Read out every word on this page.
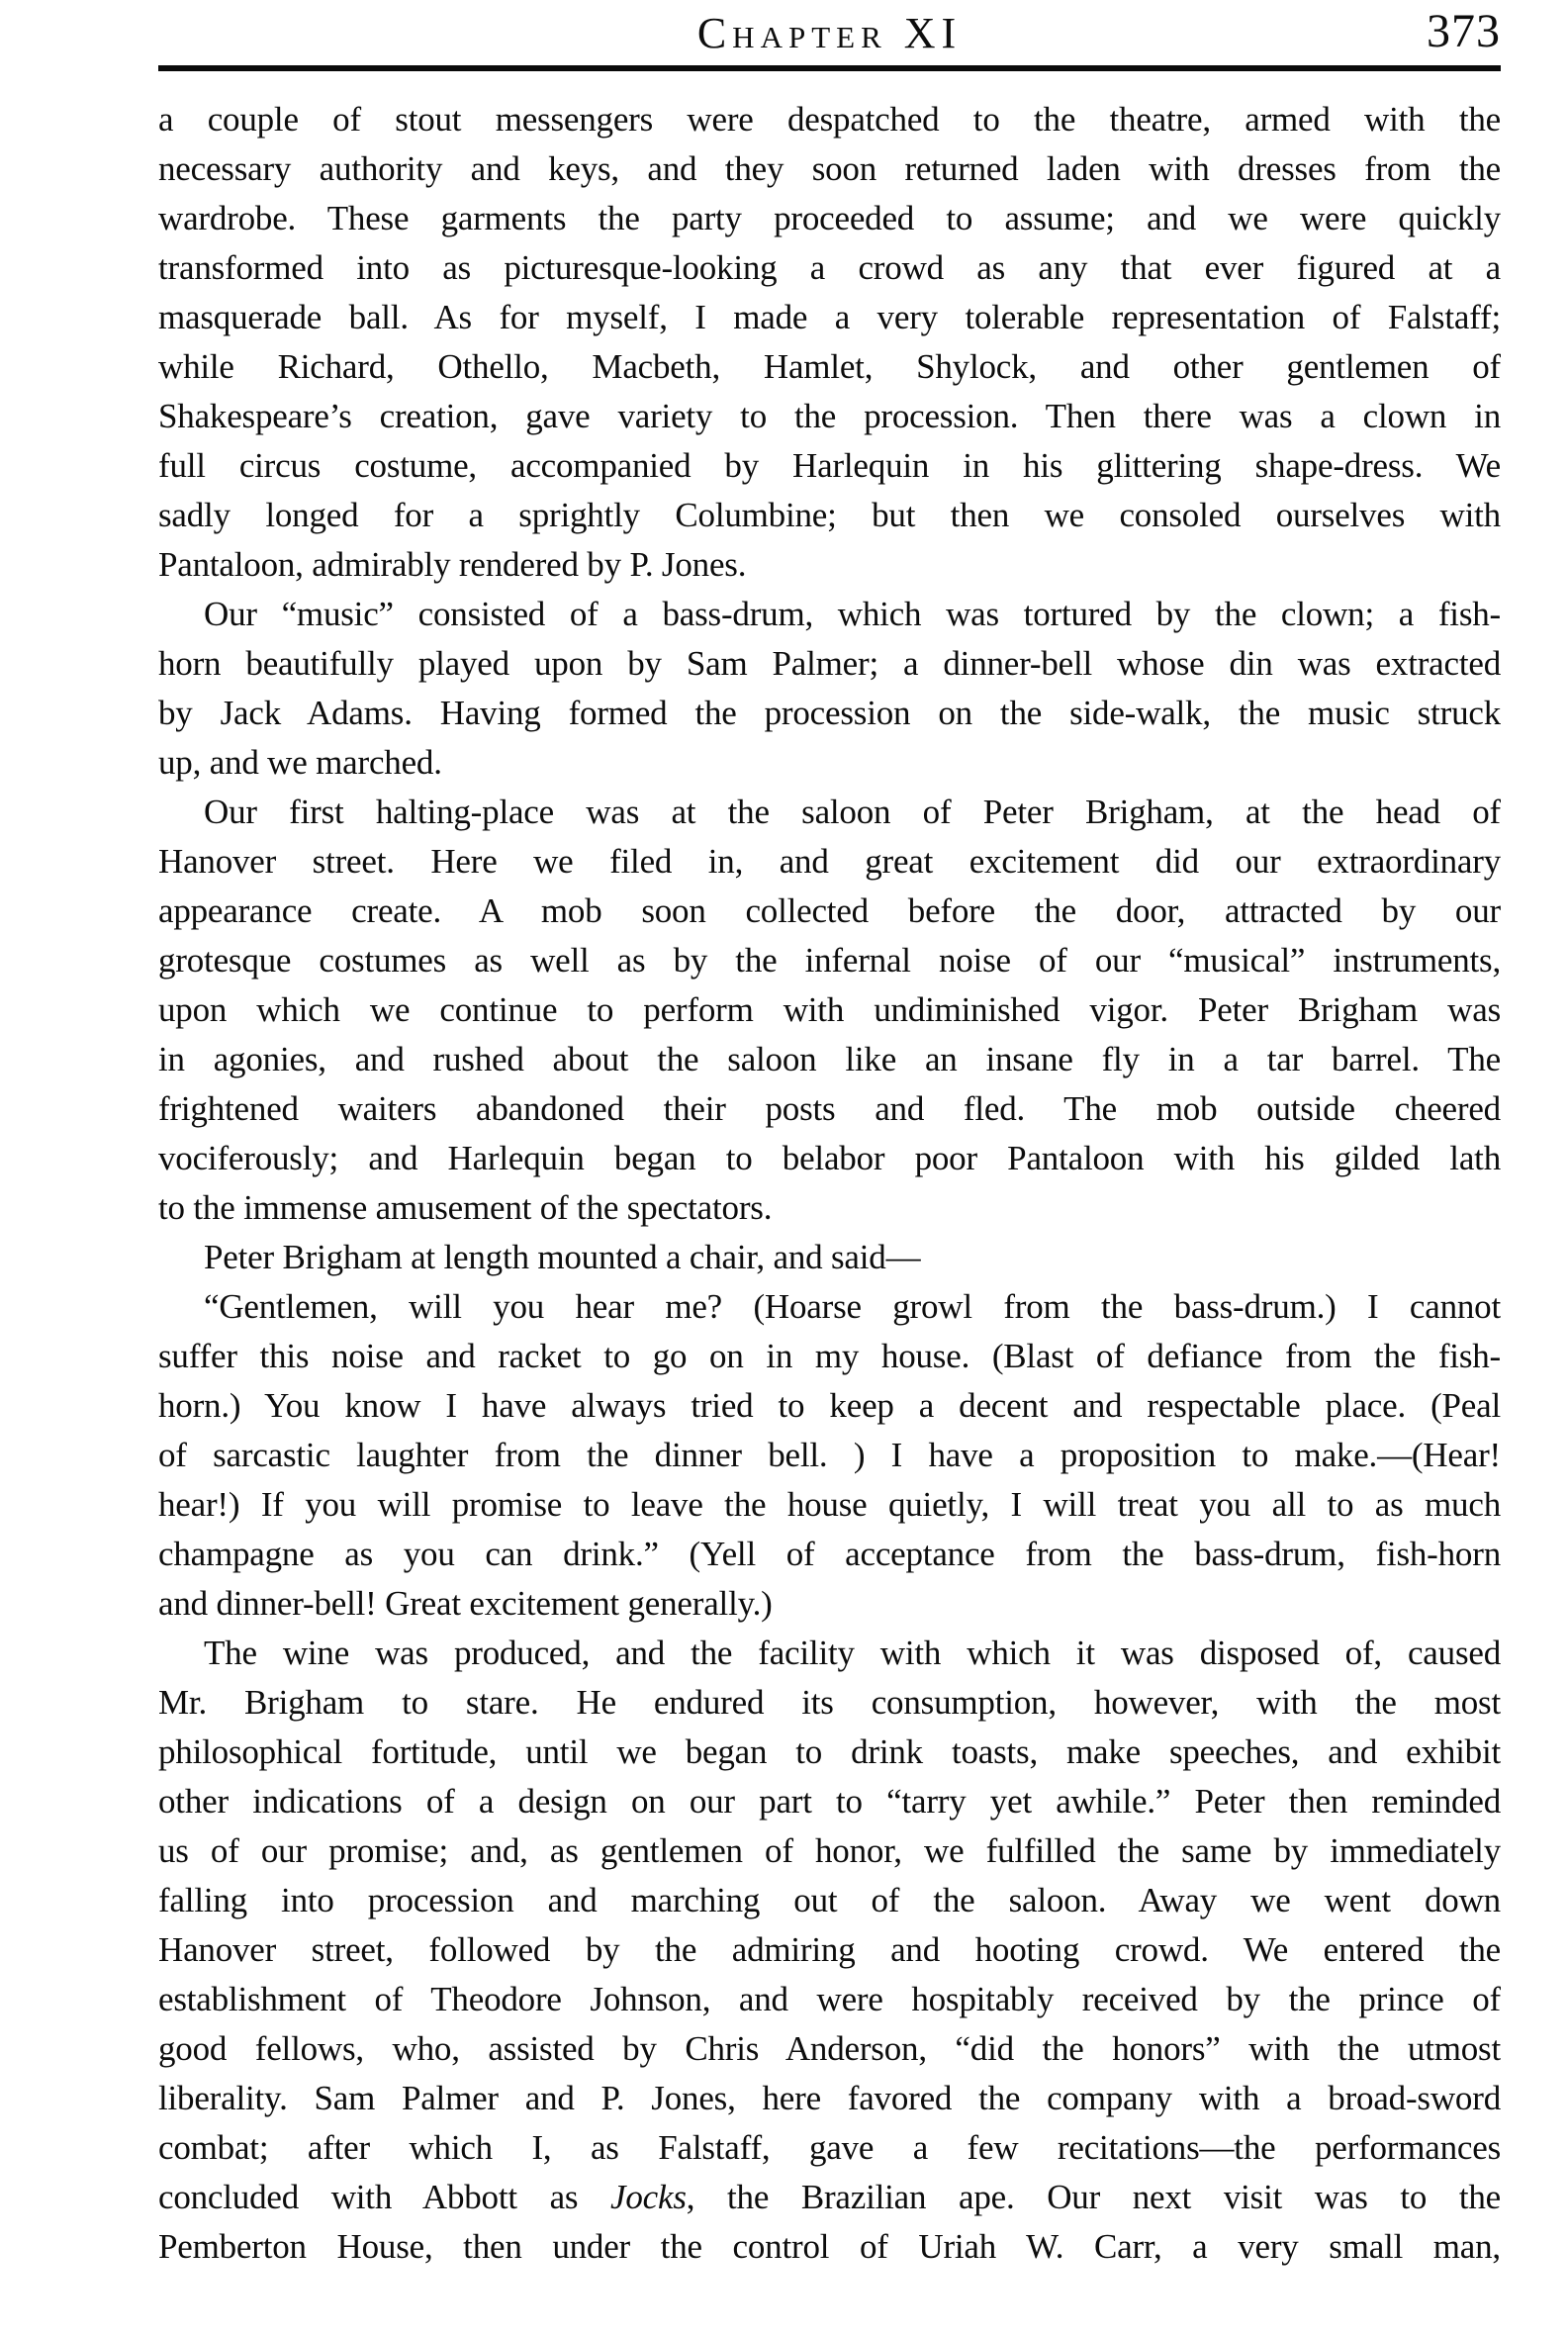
Chapter XI	373
a couple of stout messengers were despatched to the theatre, armed with the
necessary authority and keys, and they soon returned laden with dresses from the
wardrobe. These garments the party proceeded to assume; and we were quickly
transformed into as picturesque-looking a crowd as any that ever figured at a
masquerade ball. As for myself, I made a very tolerable representation of Falstaff;
while Richard, Othello, Macbeth, Hamlet, Shylock, and other gentlemen of
Shakespeare’s creation, gave variety to the procession. Then there was a clown in
full circus costume, accompanied by Harlequin in his glittering shape-dress. We
sadly longed for a sprightly Columbine; but then we consoled ourselves with
Pantaloon, admirably rendered by P. Jones.
Our “music” consisted of a bass-drum, which was tortured by the clown; a fish-
horn beautifully played upon by Sam Palmer; a dinner-bell whose din was extracted
by Jack Adams. Having formed the procession on the side-walk, the music struck
up, and we marched.
Our first halting-place was at the saloon of Peter Brigham, at the head of
Hanover street. Here we filed in, and great excitement did our extraordinary
appearance create. A mob soon collected before the door, attracted by our
grotesque costumes as well as by the infernal noise of our “musical” instruments,
upon which we continue to perform with undiminished vigor. Peter Brigham was
in agonies, and rushed about the saloon like an insane fly in a tar barrel. The
frightened waiters abandoned their posts and fled. The mob outside cheered
vociferously; and Harlequin began to belabor poor Pantaloon with his gilded lath
to the immense amusement of the spectators.
Peter Brigham at length mounted a chair, and said—
“Gentlemen, will you hear me? (Hoarse growl from the bass-drum.) I cannot
suffer this noise and racket to go on in my house. (Blast of defiance from the fish-
horn.) You know I have always tried to keep a decent and respectable place. (Peal
of sarcastic laughter from the dinner bell. ) I have a proposition to make.—(Hear!
hear!) If you will promise to leave the house quietly, I will treat you all to as much
champagne as you can drink.” (Yell of acceptance from the bass-drum, fish-horn
and dinner-bell! Great excitement generally.)
The wine was produced, and the facility with which it was disposed of, caused
Mr. Brigham to stare. He endured its consumption, however, with the most
philosophical fortitude, until we began to drink toasts, make speeches, and exhibit
other indications of a design on our part to “tarry yet awhile.” Peter then reminded
us of our promise; and, as gentlemen of honor, we fulfilled the same by immediately
falling into procession and marching out of the saloon. Away we went down
Hanover street, followed by the admiring and hooting crowd. We entered the
establishment of Theodore Johnson, and were hospitably received by the prince of
good fellows, who, assisted by Chris Anderson, “did the honors” with the utmost
liberality. Sam Palmer and P. Jones, here favored the company with a broad-sword
combat; after which I, as Falstaff, gave a few recitations—the performances
concluded with Abbott as Jocks, the Brazilian ape. Our next visit was to the
Pemberton House, then under the control of Uriah W. Carr, a very small man,
